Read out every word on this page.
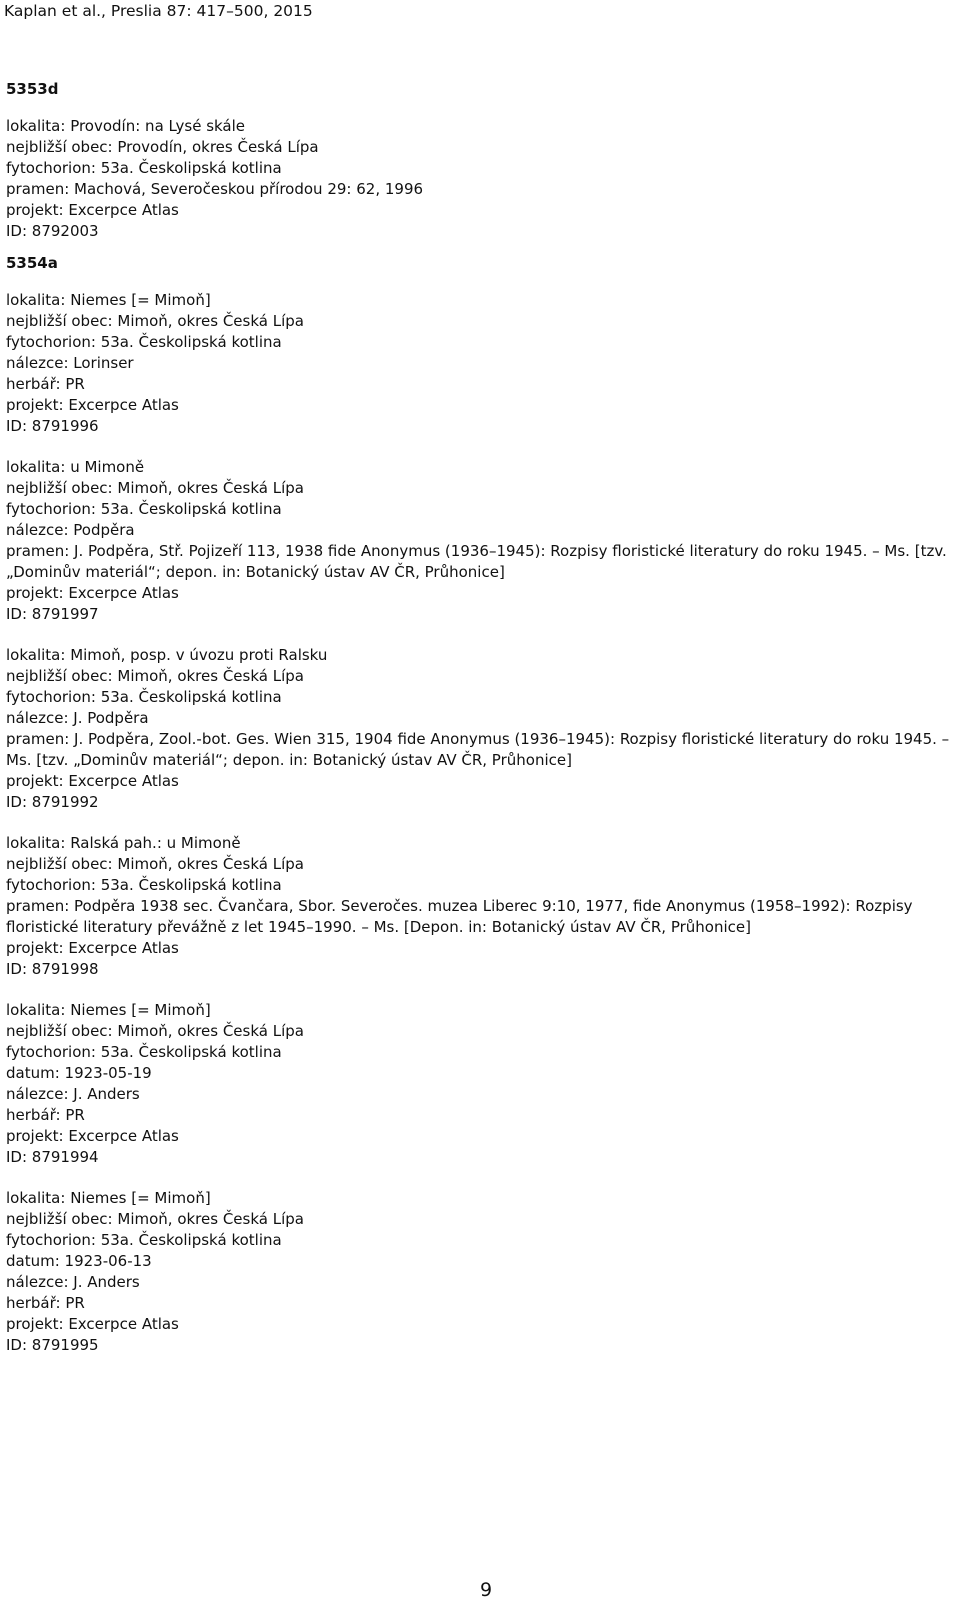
Kaplan et al., Preslia 87: 417–500, 2015
5353d
lokalita: Provodín: na Lysé skále
nejbližší obec: Provodín, okres Česká Lípa
fytochorion: 53a. Českolipská kotlina
pramen: Machová, Severočeskou přírodou 29: 62, 1996
projekt: Excerpce Atlas
ID: 8792003
5354a
lokalita: Niemes [= Mimoň]
nejbližší obec: Mimoň, okres Česká Lípa
fytochorion: 53a. Českolipská kotlina
nálezce: Lorinser
herbář: PR
projekt: Excerpce Atlas
ID: 8791996
lokalita: u Mimoně
nejbližší obec: Mimoň, okres Česká Lípa
fytochorion: 53a. Českolipská kotlina
nálezce: Podpěra
pramen: J. Podpěra, Stř. Pojizeří 113, 1938 fide Anonymus (1936–1945): Rozpisy floristické literatury do roku 1945. – Ms. [tzv. „Dominův materiál“; depon. in: Botanický ústav AV ČR, Průhonice]
projekt: Excerpce Atlas
ID: 8791997
lokalita: Mimoň, posp. v úvozu proti Ralsku
nejbližší obec: Mimoň, okres Česká Lípa
fytochorion: 53a. Českolipská kotlina
nálezce: J. Podpěra
pramen: J. Podpěra, Zool.-bot. Ges. Wien 315, 1904 fide Anonymus (1936–1945): Rozpisy floristické literatury do roku 1945. – Ms. [tzv. „Dominův materiál“; depon. in: Botanický ústav AV ČR, Průhonice]
projekt: Excerpce Atlas
ID: 8791992
lokalita: Ralská pah.: u Mimoně
nejbližší obec: Mimoň, okres Česká Lípa
fytochorion: 53a. Českolipská kotlina
pramen: Podpěra 1938 sec. Čvančara, Sbor. Severočes. muzea Liberec 9:10, 1977, fide Anonymus (1958–1992): Rozpisy floristické literatury převážně z let 1945–1990. – Ms. [Depon. in: Botanický ústav AV ČR, Průhonice]
projekt: Excerpce Atlas
ID: 8791998
lokalita: Niemes [= Mimoň]
nejbližší obec: Mimoň, okres Česká Lípa
fytochorion: 53a. Českolipská kotlina
datum: 1923-05-19
nálezce: J. Anders
herbář: PR
projekt: Excerpce Atlas
ID: 8791994
lokalita: Niemes [= Mimoň]
nejbližší obec: Mimoň, okres Česká Lípa
fytochorion: 53a. Českolipská kotlina
datum: 1923-06-13
nálezce: J. Anders
herbář: PR
projekt: Excerpce Atlas
ID: 8791995
9
